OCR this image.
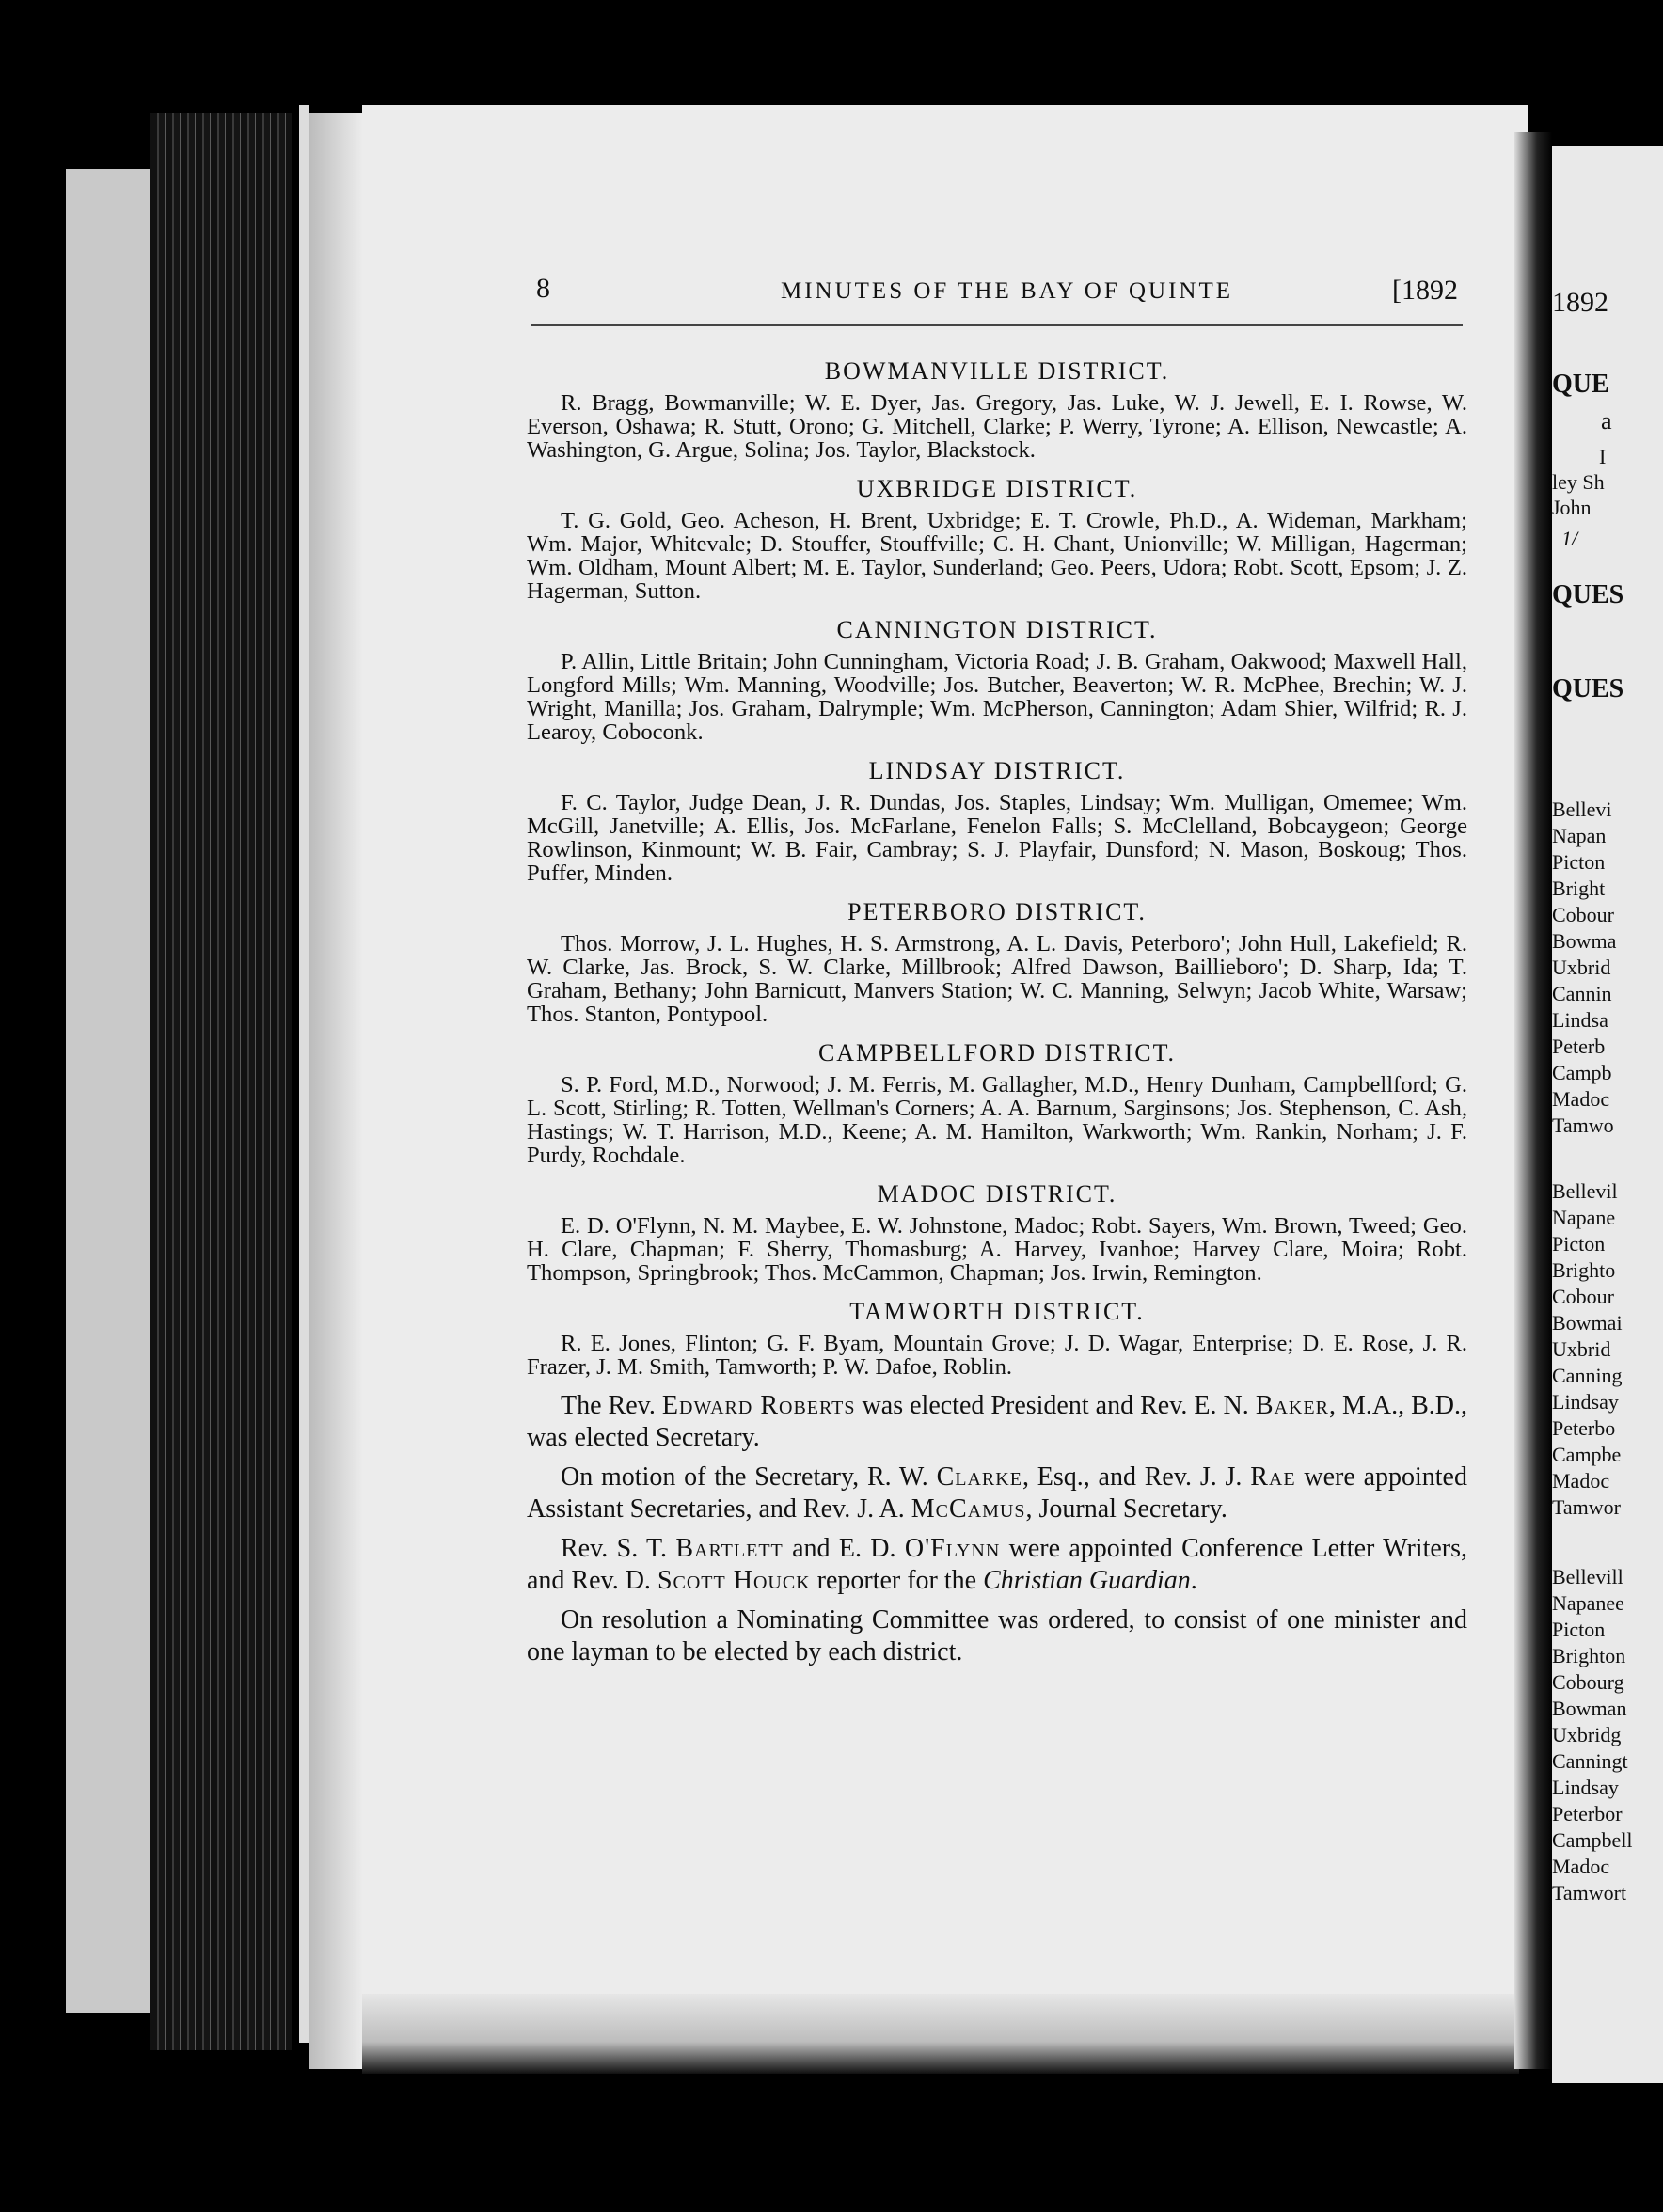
8	MINUTES OF THE BAY OF QUINTE	[1892
BOWMANVILLE DISTRICT.

R. Bragg, Bowmanville; W. E. Dyer, Jas. Gregory, Jas. Luke, W. J. Jewell, E. I. Rowse, W. Everson, Oshawa; R. Stutt, Orono; G. Mitchell, Clarke; P. Werry, Tyrone; A. Ellison, Newcastle; A. Washington, G. Argue, Solina; Jos. Taylor, Blackstock.

UXBRIDGE DISTRICT.

T. G. Gold, Geo. Acheson, H. Brent, Uxbridge; E. T. Crowle, Ph.D., A. Wideman, Markham; Wm. Major, Whitevale; D. Stouffer, Stouffville; C. H. Chant, Unionville; W. Milligan, Hagerman; Wm. Oldham, Mount Albert; M. E. Taylor, Sunderland; Geo. Peers, Udora; Robt. Scott, Epsom; J. Z. Hagerman, Sutton.

CANNINGTON DISTRICT.

P. Allin, Little Britain; John Cunningham, Victoria Road; J. B. Graham, Oakwood; Maxwell Hall, Longford Mills; Wm. Manning, Woodville; Jos. Butcher, Beaverton; W. R. McPhee, Brechin; W. J. Wright, Manilla; Jos. Graham, Dalrymple; Wm. McPherson, Cannington; Adam Shier, Wilfrid; R. J. Learoy, Coboconk.

LINDSAY DISTRICT.

F. C. Taylor, Judge Dean, J. R. Dundas, Jos. Staples, Lindsay; Wm. Mulligan, Omemee; Wm. McGill, Janetville; A. Ellis, Jos. McFarlane, Fenelon Falls; S. McClelland, Bobcaygeon; George Rowlinson, Kinmount; W. B. Fair, Cambray; S. J. Playfair, Dunsford; N. Mason, Boskoug; Thos. Puffer, Minden.

PETERBORO DISTRICT.

Thos. Morrow, J. L. Hughes, H. S. Armstrong, A. L. Davis, Peterboro'; John Hull, Lakefield; R. W. Clarke, Jas. Brock, S. W. Clarke, Millbrook; Alfred Dawson, Baillieboro'; D. Sharp, Ida; T. Graham, Bethany; John Barnicutt, Manvers Station; W. C. Manning, Selwyn; Jacob White, Warsaw; Thos. Stanton, Pontypool.

CAMPBELLFORD DISTRICT.

S. P. Ford, M.D., Norwood; J. M. Ferris, M. Gallagher, M.D., Henry Dunham, Campbellford; G. L. Scott, Stirling; R. Totten, Wellman's Corners; A. A. Barnum, Sarginsons; Jos. Stephenson, C. Ash, Hastings; W. T. Harrison, M.D., Keene; A. M. Hamilton, Warkworth; Wm. Rankin, Norham; J. F. Purdy, Rochdale.

MADOC DISTRICT.

E. D. O'Flynn, N. M. Maybee, E. W. Johnstone, Madoc; Robt. Sayers, Wm. Brown, Tweed; Geo. H. Clare, Chapman; F. Sherry, Thomasburg; A. Harvey, Ivanhoe; Harvey Clare, Moira; Robt. Thompson, Springbrook; Thos. McCammon, Chapman; Jos. Irwin, Remington.

TAMWORTH DISTRICT.

R. E. Jones, Flinton; G. F. Byam, Mountain Grove; J. D. Wagar, Enterprise; D. E. Rose, J. R. Frazer, J. M. Smith, Tamworth; P. W. Dafoe, Roblin.

The Rev. Edward Roberts was elected President and Rev. E. N. Baker, M.A., B.D., was elected Secretary.

On motion of the Secretary, R. W. Clarke, Esq., and Rev. J. J. Rae were appointed Assistant Secretaries, and Rev. J. A. McCamus, Journal Secretary.

Rev. S. T. Bartlett and E. D. O'Flynn were appointed Conference Letter Writers, and Rev. D. Scott Houck reporter for the Christian Guardian.

On resolution a Nominating Committee was ordered, to consist of one minister and one layman to be elected by each district.

1892
QUE
a
I
ley Sh
John
1/
QUES
QUES
Bellevi
Napan
Picton
Bright
Cobour
Bowma
Uxbrid
Cannin
Lindsa
Peterb
Campb
Madoc
Tamwo
Bellevil
Napane
Picton
Brighto
Cobour
Bowmai
Uxbrid
Canning
Lindsay
Peterbo
Campbe
Madoc
Tamwor
Bellevill
Napanee
Picton
Brighton
Cobourg
Bowman
Uxbridg
Canningt
Lindsay
Peterbor
Campbell
Madoc
Tamwort
